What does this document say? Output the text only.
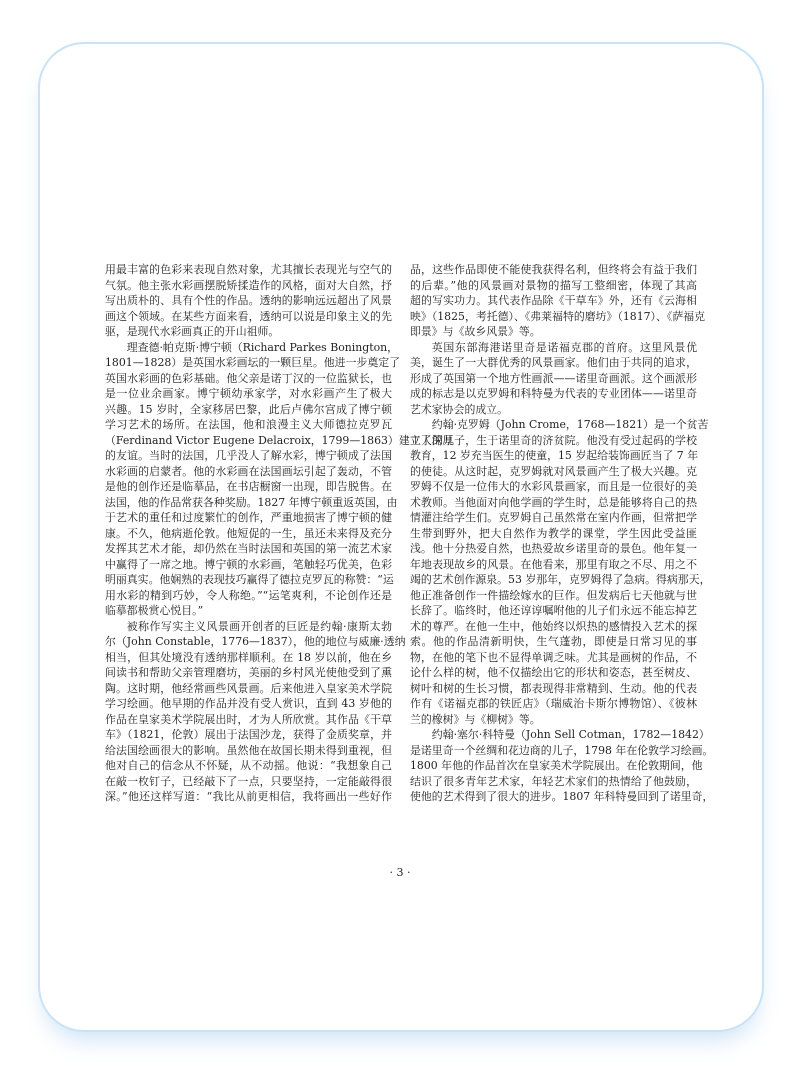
用最丰富的色彩来表现自然对象，尤其擅长表现光与空气的
气氛。他主张水彩画摆脱矫揉造作的风格，面对大自然，抒
写出质朴的、具有个性的作品。透纳的影响远远超出了风景
画这个领域。在某些方面来看，透纳可以说是印象主义的先
驱，是现代水彩画真正的开山祖师。
理查德·帕克斯·博宁顿（Richard Parkes Bonington，
1801—1828）是英国水彩画坛的一颗巨星。他进一步奠定了
英国水彩画的色彩基础。他父亲是诺丁汉的一位监狱长，也
是一位业余画家。博宁顿幼承家学，对水彩画产生了极大
兴趣。15 岁时，全家移居巴黎，此后卢佛尔宫成了博宁顿
学习艺术的场所。在法国，他和浪漫主义大师德拉克罗瓦
（Ferdinand Victor Eugene Delacroix，1799—1863）建立了深厚
的友谊。当时的法国，几乎没人了解水彩，博宁顿成了法国
水彩画的启蒙者。他的水彩画在法国画坛引起了轰动，不管
是他的创作还是临摹品，在书店橱窗一出现，即告脱售。在
法国，他的作品常获各种奖励。1827 年博宁顿重返英国，由
于艺术的重任和过度繁忙的创作，严重地损害了博宁顿的健
康。不久，他病逝伦敦。他短促的一生，虽还未来得及充分
发挥其艺术才能，却仍然在当时法国和英国的第一流艺术家
中赢得了一席之地。博宁顿的水彩画，笔触轻巧优美，色彩
明丽真实。他娴熟的表现技巧赢得了德拉克罗瓦的称赞：“运
用水彩的精到巧妙，令人称绝。”“运笔爽利，不论创作还是
临摹都极赏心悦目。”
被称作写实主义风景画开创者的巨匠是约翰·康斯太勃
尔（John Constable，1776—1837），他的地位与威廉·透纳
相当，但其处境没有透纳那样顺利。在 18 岁以前，他在乡
间读书和帮助父亲管理磨坊，美丽的乡村风光使他受到了熏
陶。这时期，他经常画些风景画。后来他进入皇家美术学院
学习绘画。他早期的作品并没有受人赏识，直到 43 岁他的
作品在皇家美术学院展出时，才为人所欣赏。其作品《干草
车》（1821，伦敦）展出于法国沙龙，获得了金质奖章，并
给法国绘画很大的影响。虽然他在故国长期未得到重视，但
他对自己的信念从不怀疑，从不动摇。他说：“我想象自己
在敲一枚钉子，已经敲下了一点，只要坚持，一定能敲得很
深。”他还这样写道：“我比从前更相信，我将画出一些好作
品，这些作品即使不能使我获得名利，但终将会有益于我们
的后辈。”他的风景画对景物的描写工整细密，体现了其高
超的写实功力。其代表作品除《干草车》外，还有《云海相
映》（1825，考托德）、《弗莱福特的磨坊》（1817）、《萨福克
即景》与《故乡风景》等。
英国东部海港诺里奇是诺福克郡的首府。这里风景优
美，诞生了一大群优秀的风景画家。他们由于共同的追求，
形成了英国第一个地方性画派——诺里奇画派。这个画派形
成的标志是以克罗姆和科特曼为代表的专业团体——诺里奇
艺术家协会的成立。
约翰·克罗姆（John Crome，1768—1821）是一个贫苦
工人的儿子，生于诺里奇的济贫院。他没有受过起码的学校
教育，12 岁充当医生的使童，15 岁起给装饰画匠当了 7 年
的使徒。从这时起，克罗姆就对风景画产生了极大兴趣。克
罗姆不仅是一位伟大的水彩风景画家，而且是一位很好的美
术教师。当他面对向他学画的学生时，总是能够将自己的热
情灌注给学生们。克罗姆自己虽然常在室内作画，但常把学
生带到野外，把大自然作为教学的课堂，学生因此受益匪
浅。他十分热爱自然，也热爱故乡诺里奇的景色。他年复一
年地表现故乡的风景。在他看来，那里有取之不尽、用之不
竭的艺术创作源泉。53 岁那年，克罗姆得了急病。得病那天，
他正准备创作一件描绘嫁水的巨作。但发病后七天他就与世
长辞了。临终时，他还谆谆嘱咐他的儿子们永远不能忘掉艺
术的尊严。在他一生中，他始终以炽热的感情投入艺术的探
索。他的作品清新明快，生气蓬勃，即使是日常习见的事
物，在他的笔下也不显得单调乏味。尤其是画树的作品，不
论什么样的树，他不仅描绘出它的形状和姿态，甚至树皮、
树叶和树的生长习惯，都表现得非常精到、生动。他的代表
作有《诺福克郡的铁匠店》（瑞威治卡斯尔博物馆）、《彼林
兰的橡树》与《柳树》等。
约翰·塞尔·科特曼（John Sell Cotman，1782—1842）
是诺里奇一个丝绸和花边商的儿子，1798 年在伦敦学习绘画。
1800 年他的作品首次在皇家美术学院展出。在伦敦期间，他
结识了很多青年艺术家，年轻艺术家们的热情给了他鼓励，
使他的艺术得到了很大的进步。1807 年科特曼回到了诺里奇，
· 3 ·
